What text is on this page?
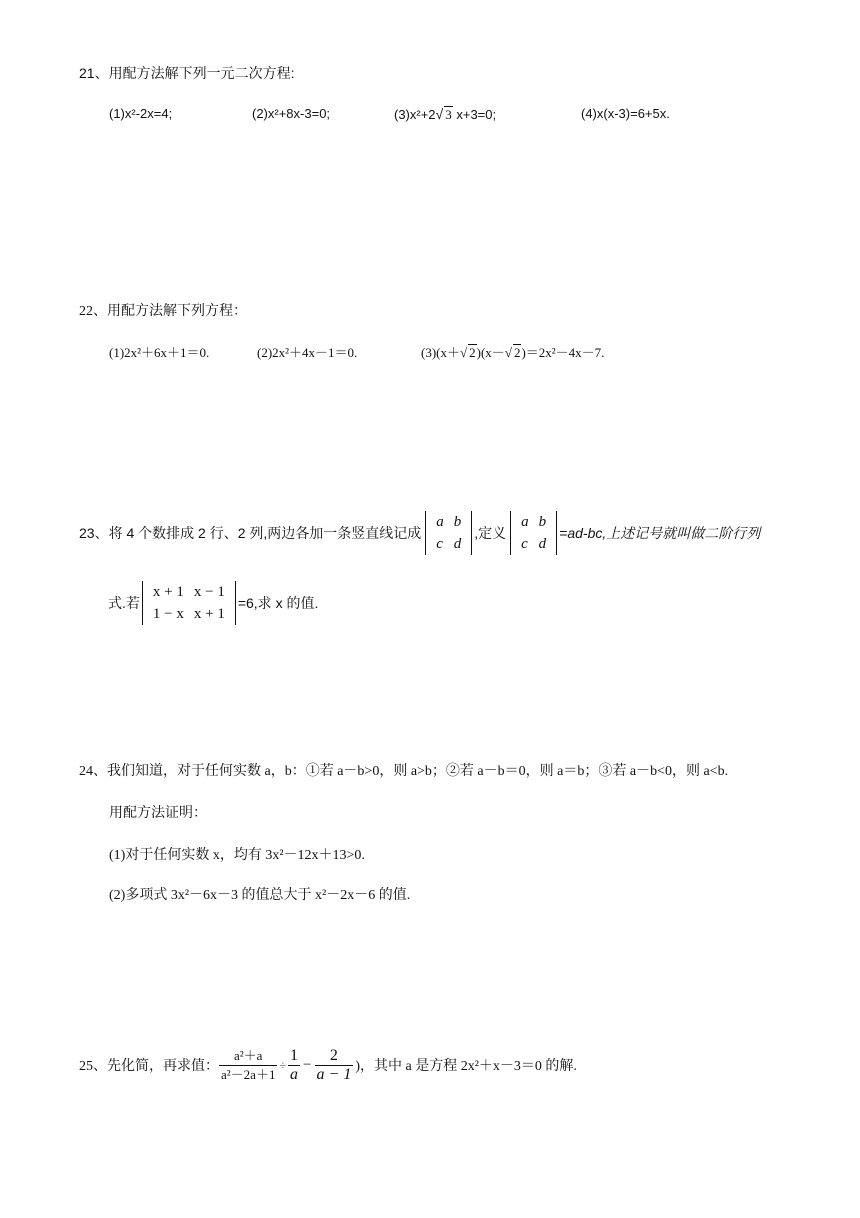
21、用配方法解下列一元二次方程:
(1)x²-2x=4;	(2)x²+8x-3=0;	(3)x²+2√ 3 x+3=0;	(4)x(x-3)=6+5x.
22、用配方法解下列方程：
(1)2x²＋6x＋1＝0.	(2)2x²＋4x－1＝0.	(3)(x＋√ 2)(x－√ 2)＝2x²－4x－7.
23、将 4 个数排成 2 行、2 列,两边各加一条竖直线记成
a	b
c	d
,定义
a	b
c	d
=ad-bc,上述记号就叫做二阶行列
式.若
x + 1	x − 1
1 − x	x + 1
=6,求 x 的值.
24、我们知道，对于任何实数 a，b：①若 a－b>0，则 a>b；②若 a－b＝0，则 a＝b；③若 a－b<0，则 a<b.
用配方法证明：
(1)对于任何实数 x，均有 3x²－12x＋13>0.
(2)多项式 3x²－6x－3 的值总大于 x²－2x－6 的值.
25、先化简，再求值： $\frac{\text{a²＋a}}{\text{a²－2a＋1}} \div \frac{1}{a} - \frac{2}{a - 1}$ )，其中 a 是方程 2x²＋x－3＝0 的解.
